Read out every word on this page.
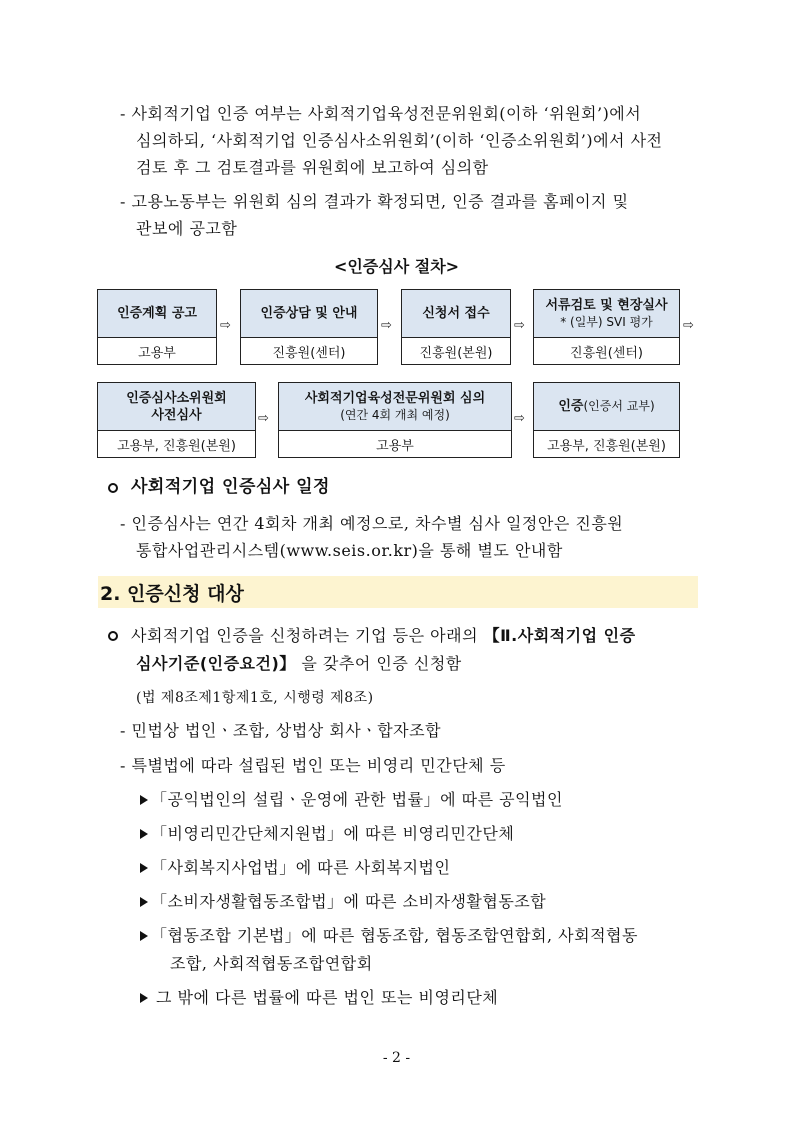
- 사회적기업 인증 여부는 사회적기업육성전문위원회(이하 ‘위원회’)에서
심의하되, ‘사회적기업 인증심사소위원회’(이하 ‘인증소위원회’)에서 사전
검토 후 그 검토결과를 위원회에 보고하여 심의함
- 고용노동부는 위원회 심의 결과가 확정되면, 인증 결과를 홈페이지 및
관보에 공고함
<인증심사 절차>
인증계획 공고
고용부
⇨
인증상담 및 안내
진흥원(센터)
⇨
신청서 접수
진흥원(본원)
⇨
서류검토 및 현장실사
* (일부) SVI 평가
진흥원(센터)
⇨
인증심사소위원회
사전심사
고용부, 진흥원(본원)
⇨
사회적기업육성전문위원회 심의
(연간 4회 개최 예정)
고용부
⇨
인증 (인증서 교부)
고용부, 진흥원(본원)
사회적기업 인증심사 일정
- 인증심사는 연간 4회차 개최 예정으로, 차수별 심사 일정안은 진흥원
통합사업관리시스템(www.seis.or.kr)을 통해 별도 안내함
2. 인증신청 대상
사회적기업 인증을 신청하려는 기업 등은 아래의 【Ⅱ.사회적기업 인증
심사기준(인증요건)】 을 갖추어 인증 신청함
(법 제8조제1항제1호, 시행령 제8조)
- 민법상 법인ㆍ조합, 상법상 회사ㆍ합자조합
- 특별법에 따라 설립된 법인 또는 비영리 민간단체 등
「공익법인의 설립ㆍ운영에 관한 법률」에 따른 공익법인
「비영리민간단체지원법」에 따른 비영리민간단체
「사회복지사업법」에 따른 사회복지법인
「소비자생활협동조합법」에 따른 소비자생활협동조합
「협동조합 기본법」에 따른 협동조합, 협동조합연합회, 사회적협동
조합, 사회적협동조합연합회
그 밖에 다른 법률에 따른 법인 또는 비영리단체
- 2 -
